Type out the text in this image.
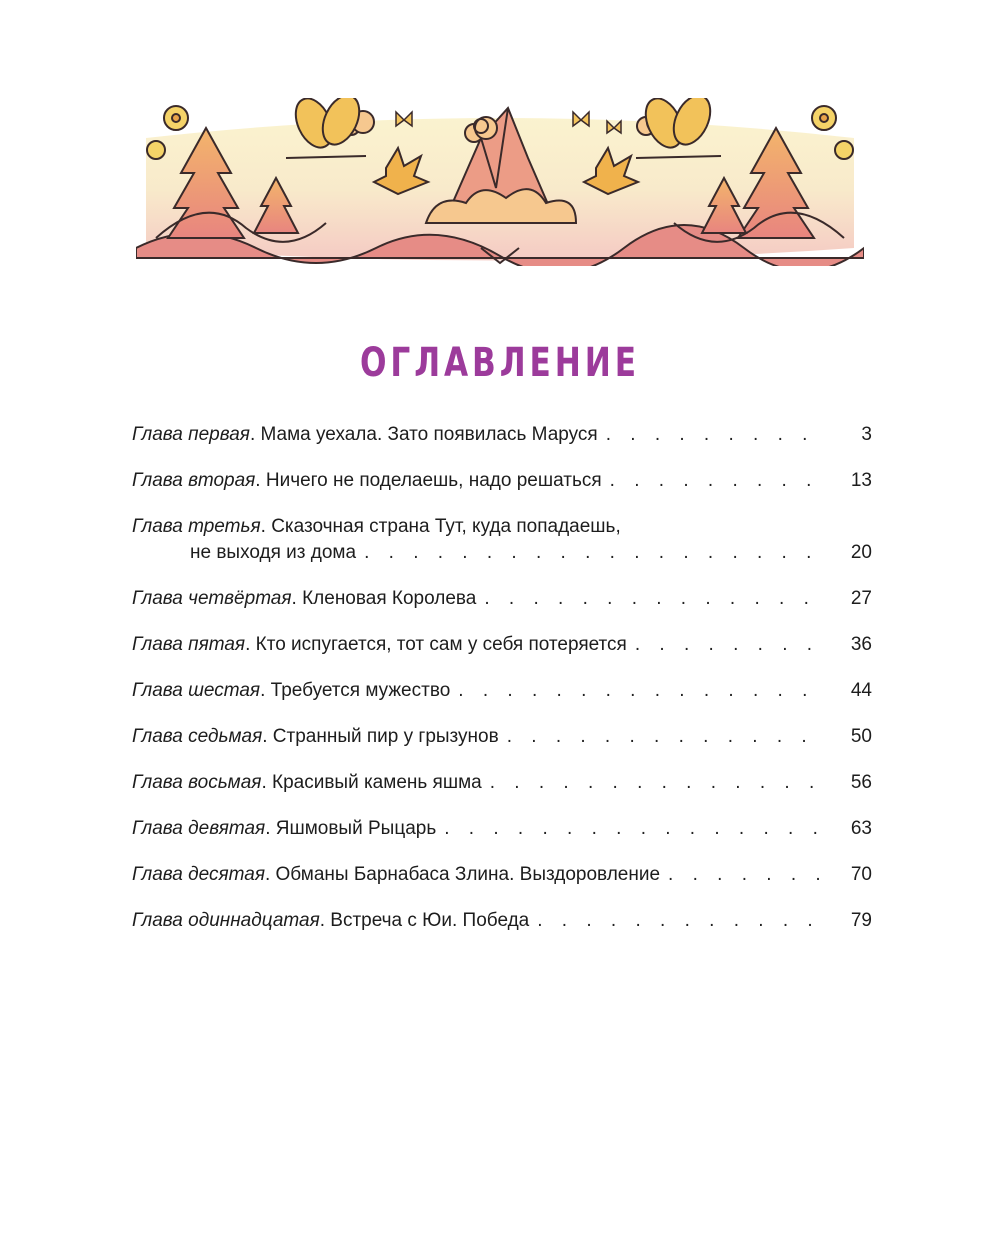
ОГЛАВЛЕНИЕ
Глава первая . Мама уехала. Зато появилась Маруся . . .	3
Глава вторая . Ничего не поделаешь, надо решаться . . .	13
Глава третья . Сказочная страна Тут, куда попадаешь,
не выходя из дома . . .	20
Глава четвёртая . Кленовая Королева . . .	27
Глава пятая . Кто испугается, тот сам у себя потеряется . . .	36
Глава шестая . Требуется мужество . . .	44
Глава седьмая . Странный пир у грызунов . . .	50
Глава восьмая . Красивый камень яшма . . .	56
Глава девятая . Яшмовый Рыцарь . . .	63
Глава десятая . Обманы Барнабаса Злина. Выздоровление . . .	70
Глава одиннадцатая . Встреча с Юи. Победа . . .	79
